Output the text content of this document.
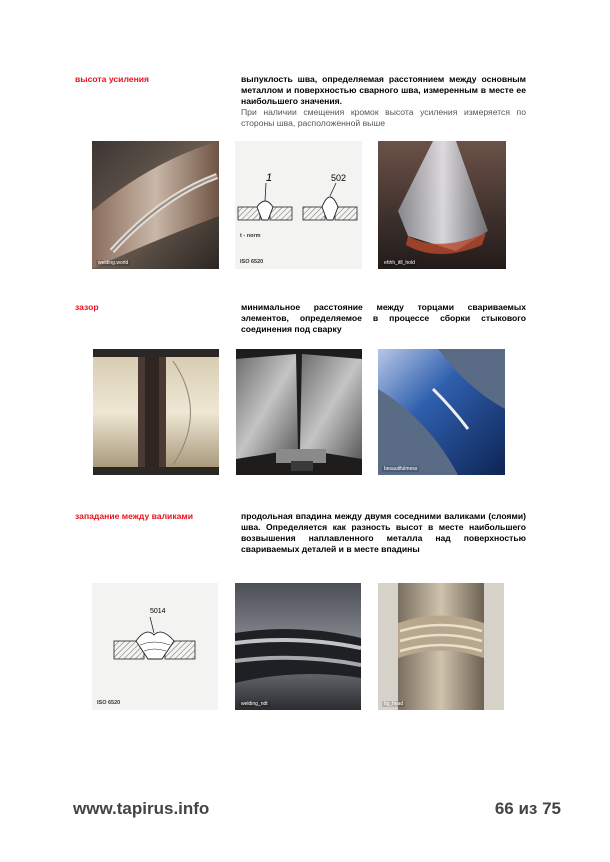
высота усиления	выпуклость шва, определяемая расстоянием между основным металлом и поверхностью сварного шва, измеренным в месте ее наибольшего значения.
При наличии смещения кромок высота усиления измеряется по стороны шва, расположенной выше
welding.world
1	502
t - norm
ISO 6520	ehhh_itll_hold
зазор	минимальное расстояние между торцами свариваемых элементов, определяемое в процессе сборки стыкового соединения под сварку
besautifulmess
западание между валиками	продольная впадина между двумя соседними валиками (слоями) шва. Определяется как разность высот в месте наибольшего возвышения наплавленного металла над поверхностью свариваемых деталей и в месте впадины
5014
ISO 6520	welding_ndt	tig_head
www.tapirus.info	66 из 75
